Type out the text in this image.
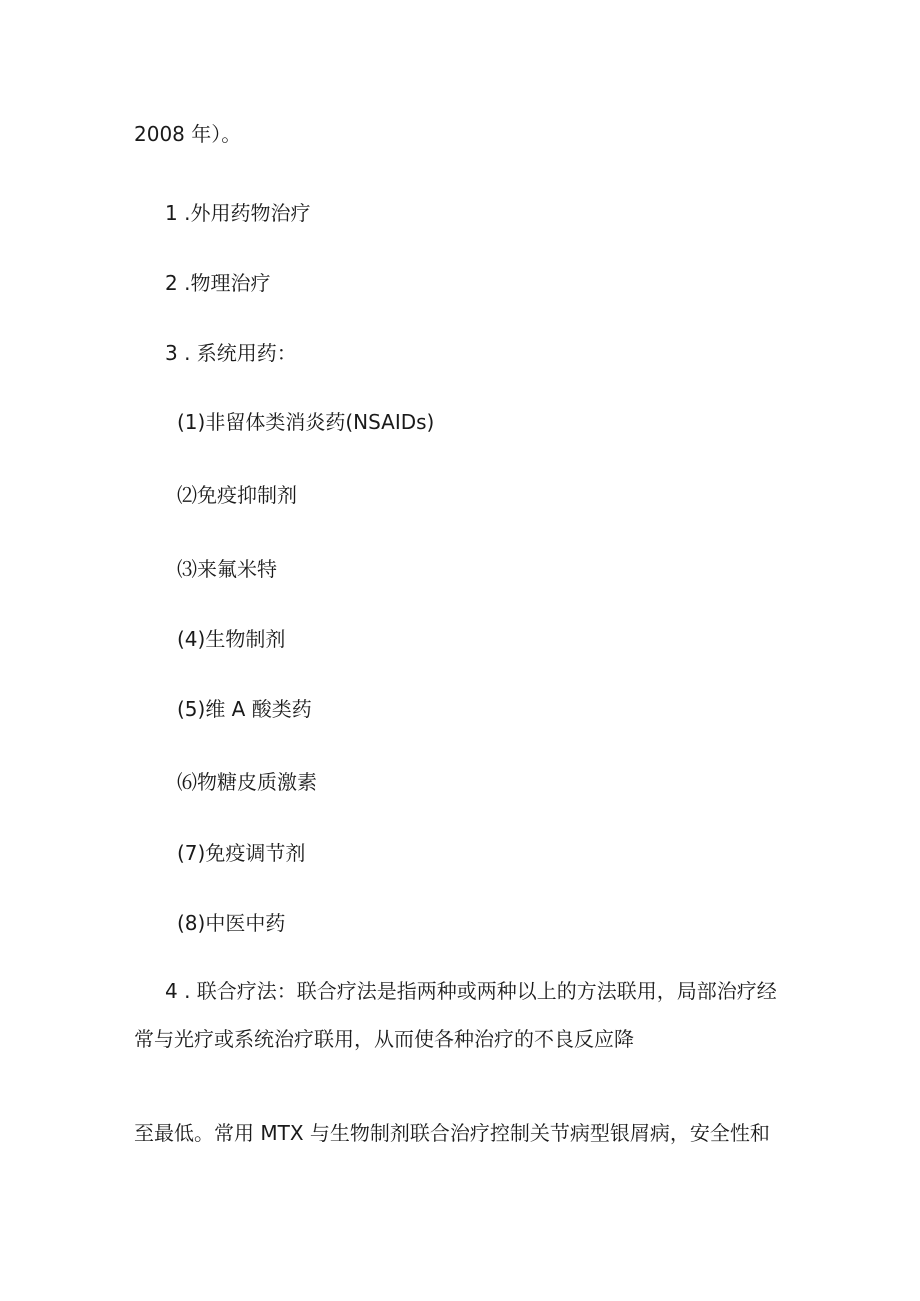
2008 年）。
1 .外用药物治疗
2 .物理治疗
3 . 系统用药：
(1)非留体类消炎药(NSAIDs)
⑵免疫抑制剂
⑶来氟米特
(4)生物制剂
(5)维 A 酸类药
⑹物糖皮质激素
(7)免疫调节剂
(8)中医中药
4 . 联合疗法：联合疗法是指两种或两种以上的方法联用，局部治疗经
常与光疗或系统治疗联用，从而使各种治疗的不良反应降
至最低。常用 MTX 与生物制剂联合治疗控制关节病型银屑病，安全性和
